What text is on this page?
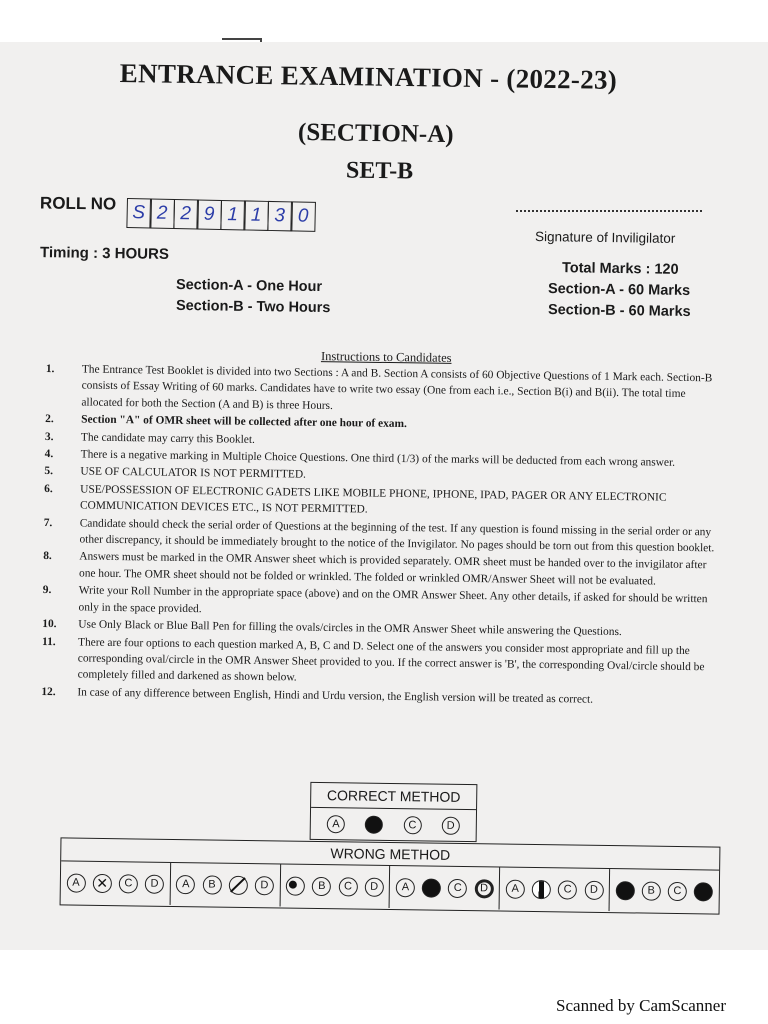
ENTRANCE EXAMINATION - (2022-23)
(SECTION-A)
SET-B
ROLL NO S 2 2 9 1 1 3 0
Signature of Inviligilator
Timing : 3 HOURS
Section-A - One Hour
Section-B - Two Hours
Total Marks : 120
Section-A - 60 Marks
Section-B - 60 Marks
Instructions to Candidates
1. The Entrance Test Booklet is divided into two Sections : A and B. Section A consists of 60 Objective Questions of 1 Mark each. Section-B consists of Essay Writing of 60 marks. Candidates have to write two essay (One from each i.e., Section B(i) and B(ii). The total time allocated for both the Section (A and B) is three Hours.
2. Section "A" of OMR sheet will be collected after one hour of exam.
3. The candidate may carry this Booklet.
4. There is a negative marking in Multiple Choice Questions. One third (1/3) of the marks will be deducted from each wrong answer.
5. USE OF CALCULATOR IS NOT PERMITTED.
6. USE/POSSESSION OF ELECTRONIC GADETS LIKE MOBILE PHONE, IPHONE, IPAD, PAGER OR ANY ELECTRONIC COMMUNICATION DEVICES ETC., IS NOT PERMITTED.
7. Candidate should check the serial order of Questions at the beginning of the test. If any question is found missing in the serial order or any other discrepancy, it should be immediately brought to the notice of the Invigilator. No pages should be torn out from this question booklet.
8. Answers must be marked in the OMR Answer sheet which is provided separately. OMR sheet must be handed over to the invigilator after one hour. The OMR sheet should not be folded or wrinkled. The folded or wrinkled OMR/Answer Sheet will not be evaluated.
9. Write your Roll Number in the appropriate space (above) and on the OMR Answer Sheet. Any other details, if asked for should be written only in the space provided.
10. Use Only Black or Blue Ball Pen for filling the ovals/circles in the OMR Answer Sheet while answering the Questions.
11. There are four options to each question marked A, B, C and D. Select one of the answers you consider most appropriate and fill up the corresponding oval/circle in the OMR Answer Sheet provided to you. If the correct answer is 'B', the corresponding Oval/circle should be completely filled and darkened as shown below.
12. In case of any difference between English, Hindi and Urdu version, the English version will be treated as correct.
CORRECT METHOD
A	C	D
WRONG METHOD
A
✕	C	D	A	B	D	B	C	D	A	C	D	A	C	D	B	C
Scanned by CamScanner
